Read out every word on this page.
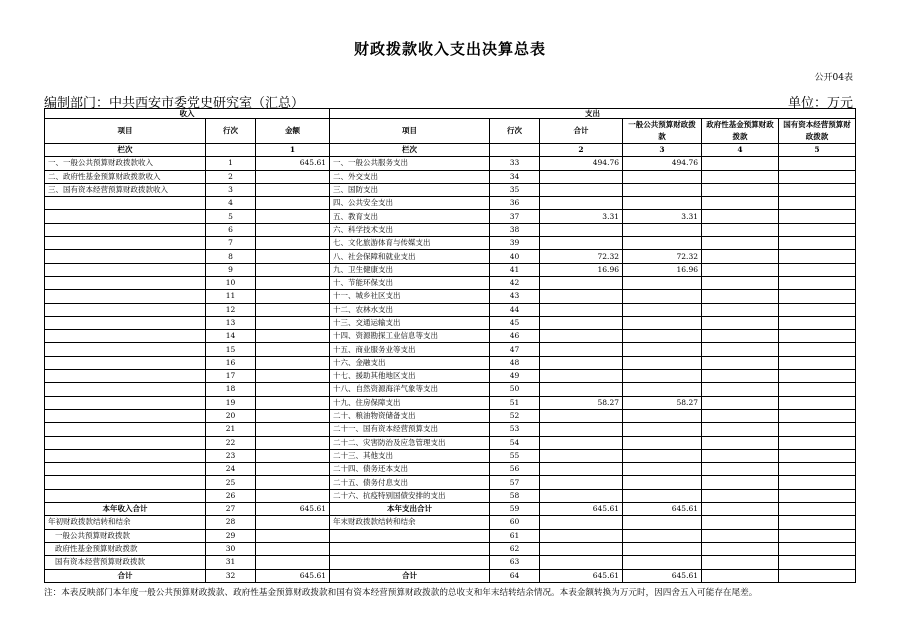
财政拨款收入支出决算总表
公开04表
编制部门：中共西安市委党史研究室（汇总）	单位：万元
收入			支出					
项目	行次	金额	项目	行次	合计	一般公共预算财政拨款	政府性基金预算财政拨款	国有资本经营预算财政拨款

栏次		1	栏次		2	3	4	5
一、一般公共预算财政拨款收入	1	645.61	一、一般公共服务支出	33	494.76	494.76		
二、政府性基金预算财政拨款收入	2		二、外交支出	34				
三、国有资本经营预算财政拨款收入	3		三、国防支出	35				
	4		四、公共安全支出	36				
	5		五、教育支出	37	3.31	3.31		
	6		六、科学技术支出	38				
	7		七、文化旅游体育与传媒支出	39				
	8		八、社会保障和就业支出	40	72.32	72.32		
	9		九、卫生健康支出	41	16.96	16.96		
	10		十、节能环保支出	42				
	11		十一、城乡社区支出	43				
	12		十二、农林水支出	44				
	13		十三、交通运输支出	45				
	14		十四、资源勘探工业信息等支出	46				
	15		十五、商业服务业等支出	47				
	16		十六、金融支出	48				
	17		十七、援助其他地区支出	49				
	18		十八、自然资源海洋气象等支出	50				
	19		十九、住房保障支出	51	58.27	58.27		
	20		二十、粮油物资储备支出	52				
	21		二十一、国有资本经营预算支出	53				
	22		二十二、灾害防治及应急管理支出	54				
	23		二十三、其他支出	55				
	24		二十四、债务还本支出	56				
	25		二十五、债务付息支出	57				
	26		二十六、抗疫特别国债安排的支出	58				
本年收入合计	27	645.61	本年支出合计	59	645.61	645.61		
年初财政拨款结转和结余	28		年末财政拨款结转和结余	60				
一般公共预算财政拨款	29			61				
政府性基金预算财政拨款	30			62				
国有资本经营预算财政拨款	31			63				
合计	32	645.61	合计	64	645.61	645.61		
注：本表反映部门本年度一般公共预算财政拨款、政府性基金预算财政拨款和国有资本经营预算财政拨款的总收支和年末结转结余情况。本表金额转换为万元时，因四舍五入可能存在尾差。
